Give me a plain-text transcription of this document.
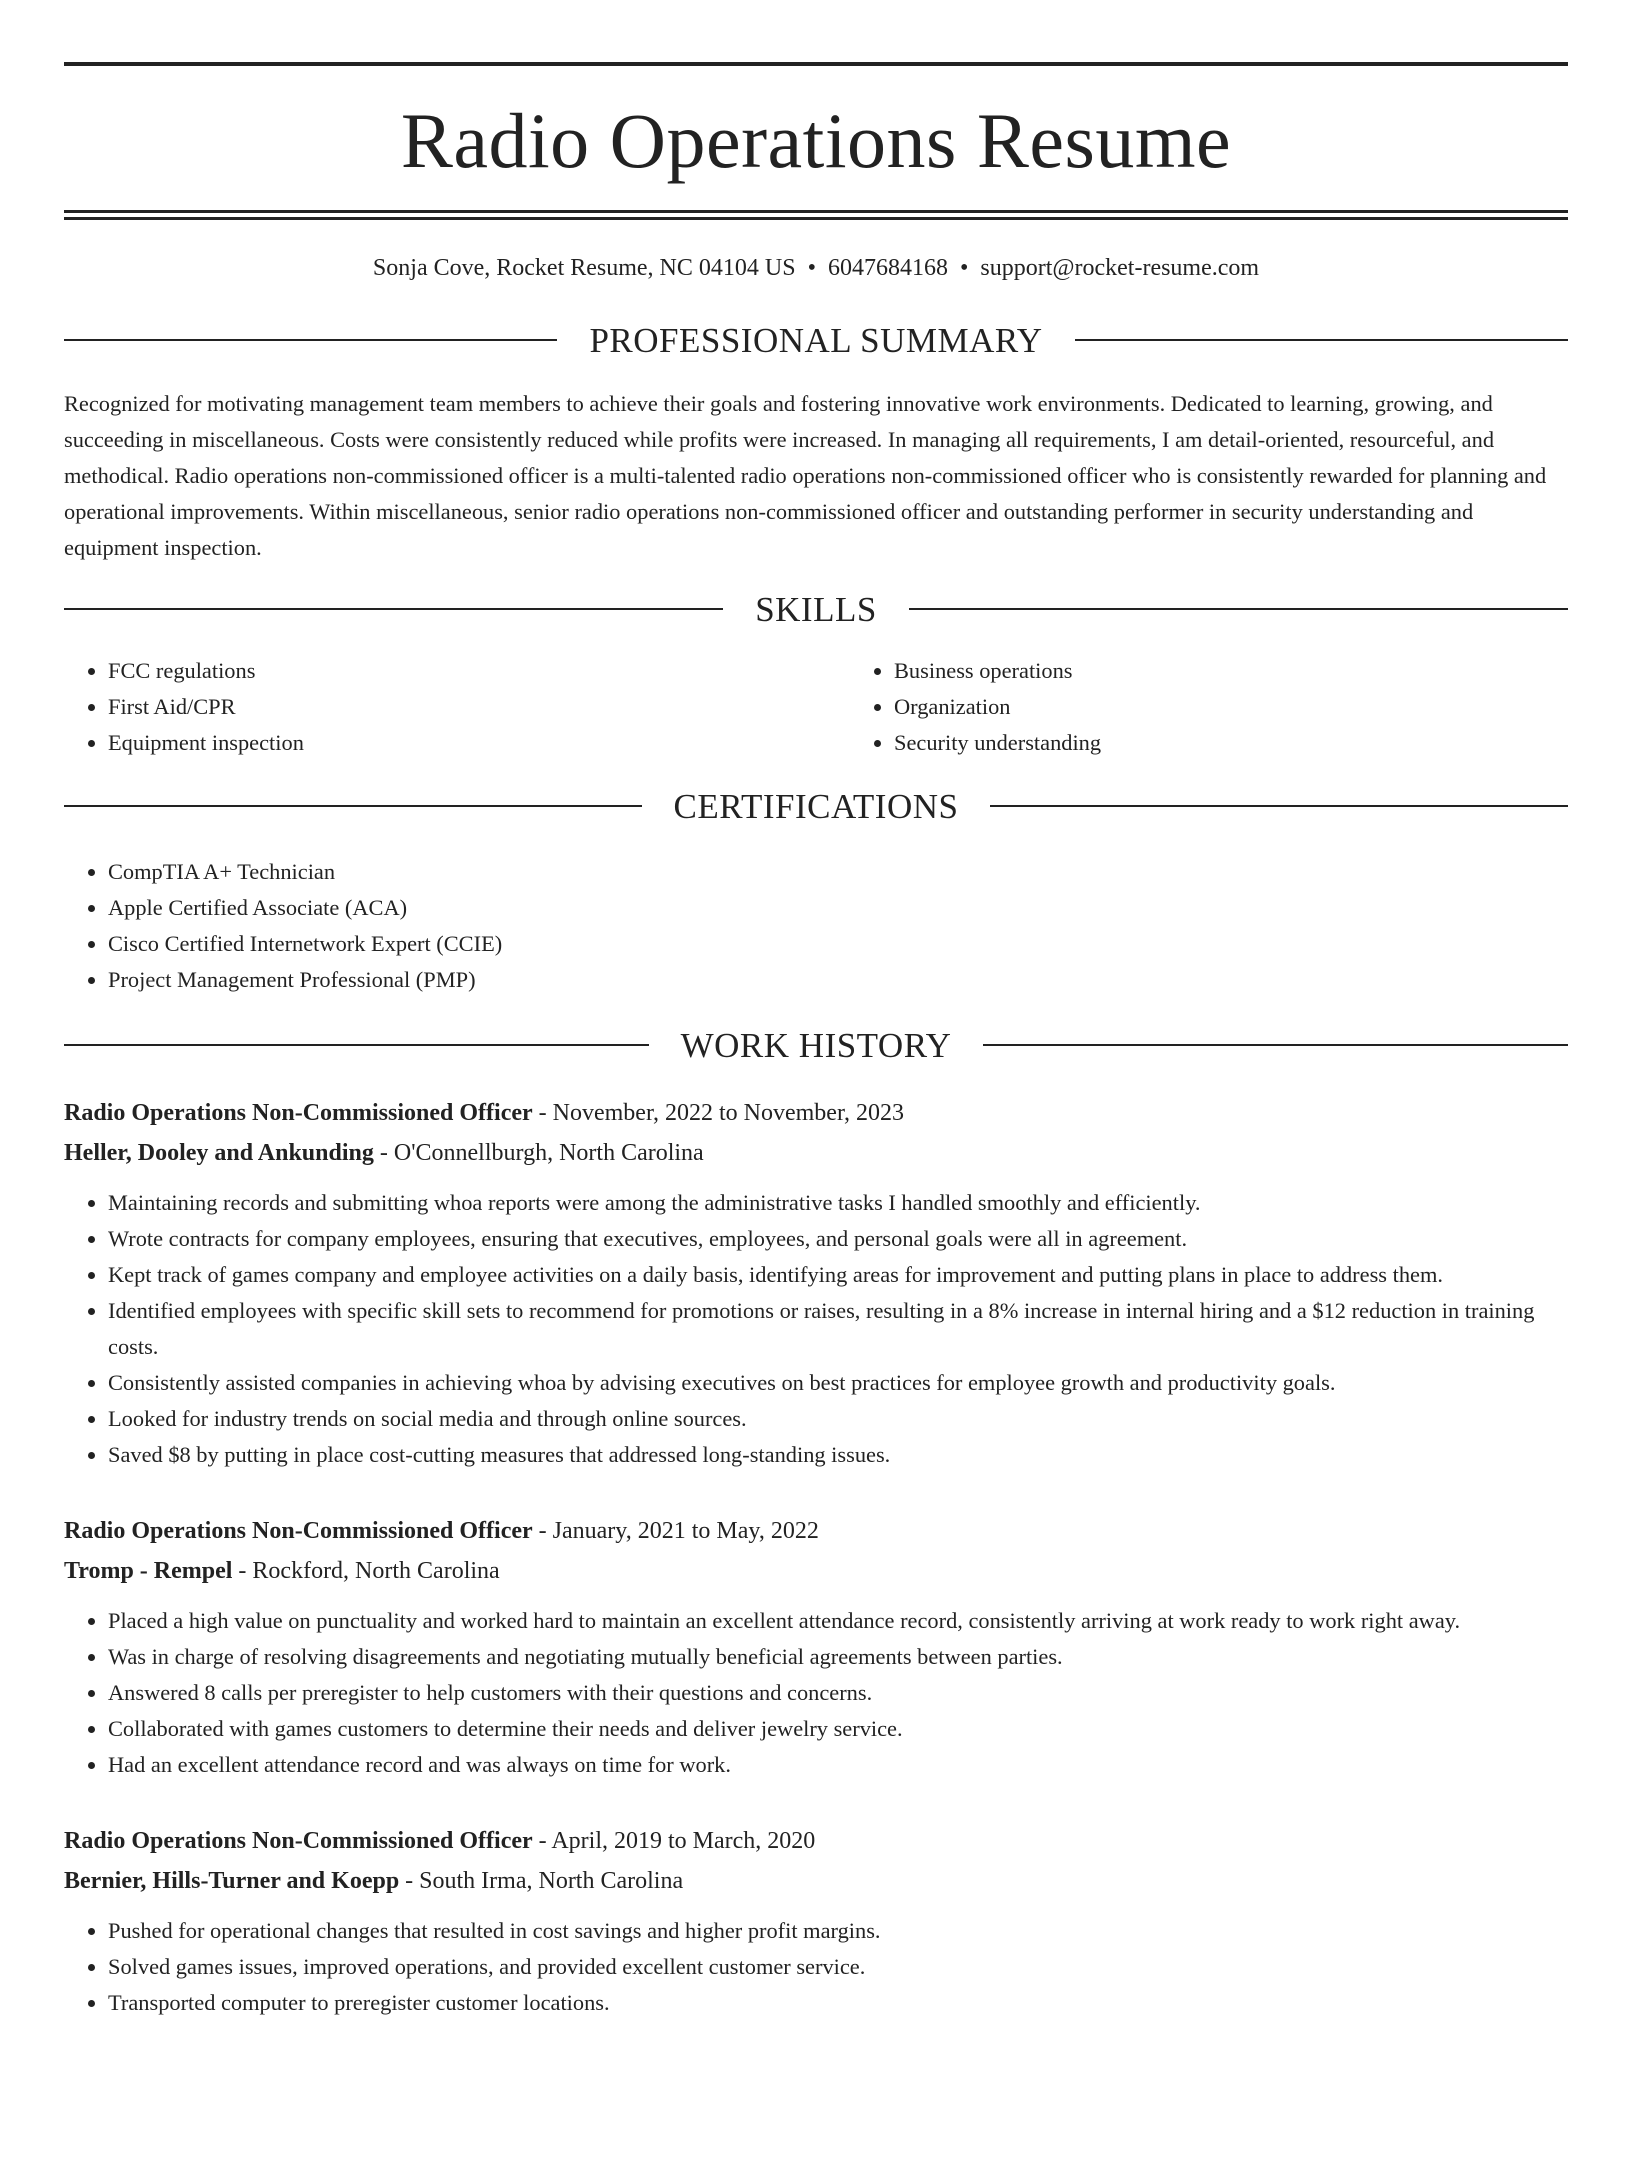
Radio Operations Resume
Sonja Cove, Rocket Resume, NC 04104 US • 6047684168 • support@rocket-resume.com
PROFESSIONAL SUMMARY

Recognized for motivating management team members to achieve their goals and fostering innovative work environments. Dedicated to learning, growing, and succeeding in miscellaneous. Costs were consistently reduced while profits were increased. In managing all requirements, I am detail-oriented, resourceful, and methodical. Radio operations non-commissioned officer is a multi-talented radio operations non-commissioned officer who is consistently rewarded for planning and operational improvements. Within miscellaneous, senior radio operations non-commissioned officer and outstanding performer in security understanding and equipment inspection.

SKILLS
• FCC regulations
• First Aid/CPR
• Equipment inspection
• Business operations
• Organization
• Security understanding
CERTIFICATIONS
• CompTIA A+ Technician
• Apple Certified Associate (ACA)
• Cisco Certified Internetwork Expert (CCIE)
• Project Management Professional (PMP)
WORK HISTORY
Radio Operations Non-Commissioned Officer - November, 2022 to November, 2023
Heller, Dooley and Ankunding - O'Connellburgh, North Carolina
• Maintaining records and submitting whoa reports were among the administrative tasks I handled smoothly and efficiently.
• Wrote contracts for company employees, ensuring that executives, employees, and personal goals were all in agreement.
• Kept track of games company and employee activities on a daily basis, identifying areas for improvement and putting plans in place to address them.
• Identified employees with specific skill sets to recommend for promotions or raises, resulting in a 8% increase in internal hiring and a $12 reduction in training costs.
• Consistently assisted companies in achieving whoa by advising executives on best practices for employee growth and productivity goals.
• Looked for industry trends on social media and through online sources.
• Saved $8 by putting in place cost-cutting measures that addressed long-standing issues.
Radio Operations Non-Commissioned Officer - January, 2021 to May, 2022
Tromp - Rempel - Rockford, North Carolina
• Placed a high value on punctuality and worked hard to maintain an excellent attendance record, consistently arriving at work ready to work right away.
• Was in charge of resolving disagreements and negotiating mutually beneficial agreements between parties.
• Answered 8 calls per preregister to help customers with their questions and concerns.
• Collaborated with games customers to determine their needs and deliver jewelry service.
• Had an excellent attendance record and was always on time for work.
Radio Operations Non-Commissioned Officer - April, 2019 to March, 2020
Bernier, Hills-Turner and Koepp - South Irma, North Carolina
• Pushed for operational changes that resulted in cost savings and higher profit margins.
• Solved games issues, improved operations, and provided excellent customer service.
• Transported computer to preregister customer locations.
